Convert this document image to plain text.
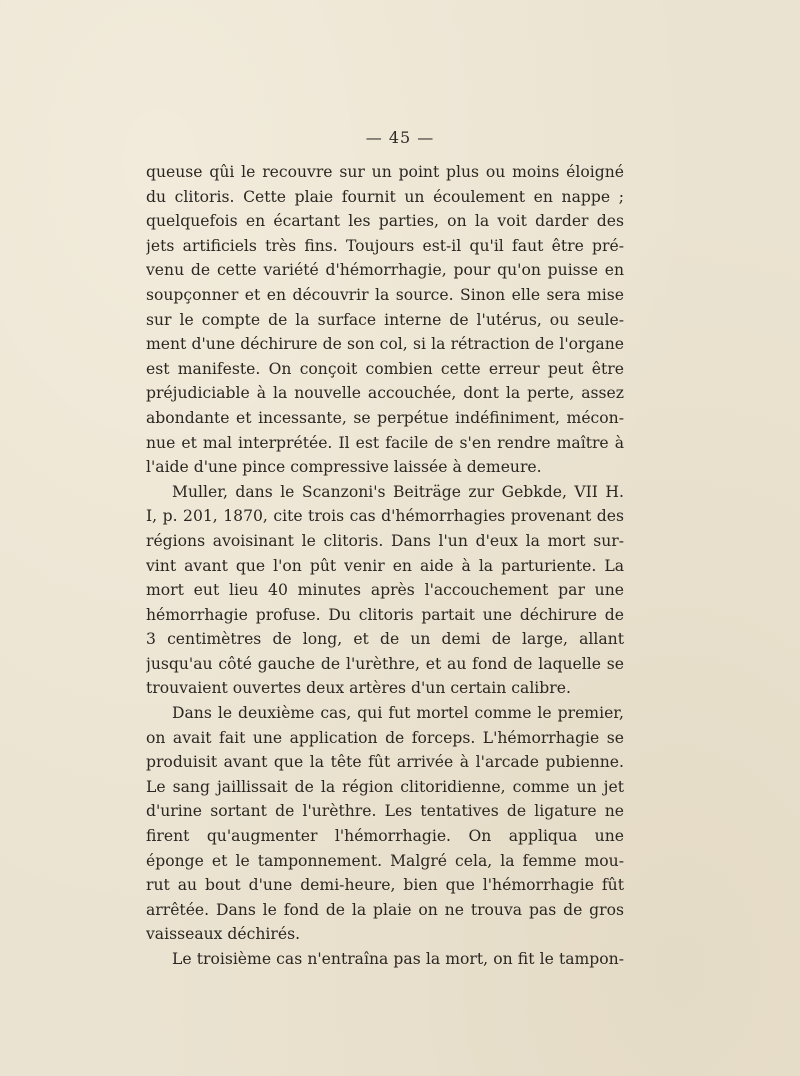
— 45 —
queuse qûi le recouvre sur un point plus ou moins éloigné
du clitoris. Cette plaie fournit un écoulement en nappe ;
quelquefois en écartant les parties, on la voit darder des
jets artificiels très fins. Toujours est-il qu'il faut être pré-
venu de cette variété d'hémorrhagie, pour qu'on puisse en
soupçonner et en découvrir la source. Sinon elle sera mise
sur le compte de la surface interne de l'utérus, ou seule-
ment d'une déchirure de son col, si la rétraction de l'organe
est manifeste. On conçoit combien cette erreur peut être
préjudiciable à la nouvelle accouchée, dont la perte, assez
abondante et incessante, se perpétue indéfiniment, mécon-
nue et mal interprétée. Il est facile de s'en rendre maître à
l'aide d'une pince compressive laissée à demeure.
Muller, dans le Scanzoni's Beiträge zur Gebkde, VII H.
I, p. 201, 1870, cite trois cas d'hémorrhagies provenant des
régions avoisinant le clitoris. Dans l'un d'eux la mort sur-
vint avant que l'on pût venir en aide à la parturiente. La
mort eut lieu 40 minutes après l'accouchement par une
hémorrhagie profuse. Du clitoris partait une déchirure de
3 centimètres de long, et de un demi de large, allant
jusqu'au côté gauche de l'urèthre, et au fond de laquelle se
trouvaient ouvertes deux artères d'un certain calibre.
Dans le deuxième cas, qui fut mortel comme le premier,
on avait fait une application de forceps. L'hémorrhagie se
produisit avant que la tête fût arrivée à l'arcade pubienne.
Le sang jaillissait de la région clitoridienne, comme un jet
d'urine sortant de l'urèthre. Les tentatives de ligature ne
firent qu'augmenter l'hémorrhagie. On appliqua une
éponge et le tamponnement. Malgré cela, la femme mou-
rut au bout d'une demi-heure, bien que l'hémorrhagie fût
arrêtée. Dans le fond de la plaie on ne trouva pas de gros
vaisseaux déchirés.
Le troisième cas n'entraîna pas la mort, on fit le tampon-
